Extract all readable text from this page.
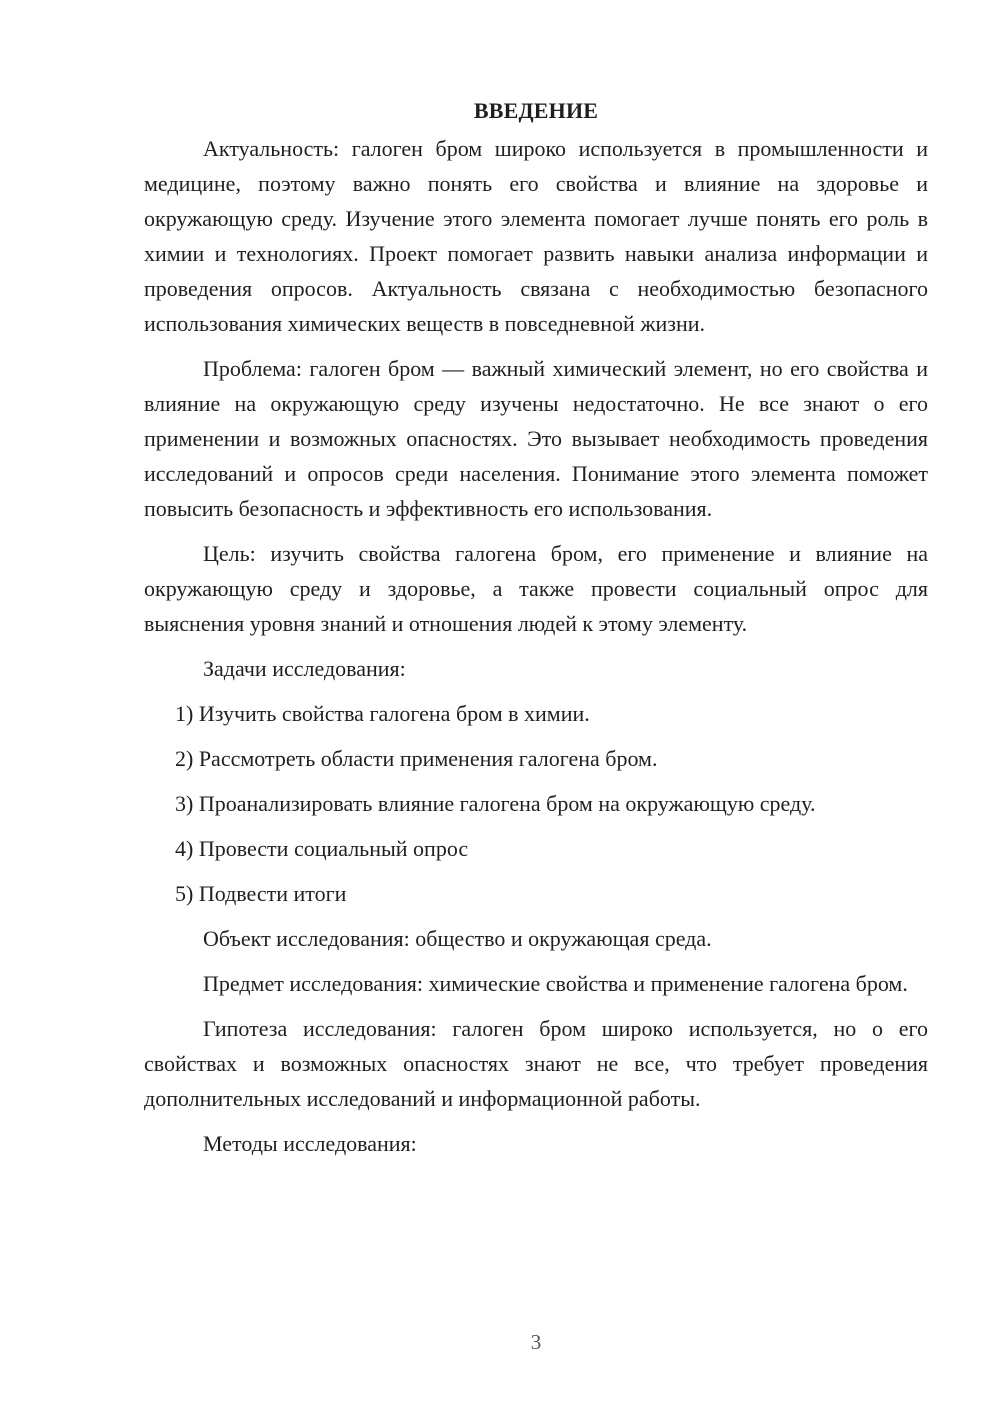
ВВЕДЕНИЕ

Актуальность: галоген бром широко используется в промышленности и медицине, поэтому важно понять его свойства и влияние на здоровье и окружающую среду. Изучение этого элемента помогает лучше понять его роль в химии и технологиях. Проект помогает развить навыки анализа информации и проведения опросов. Актуальность связана с необходимостью безопасного использования химических веществ в повседневной жизни.

Проблема: галоген бром — важный химический элемент, но его свойства и влияние на окружающую среду изучены недостаточно. Не все знают о его применении и возможных опасностях. Это вызывает необходимость проведения исследований и опросов среди населения. Понимание этого элемента поможет повысить безопасность и эффективность его использования.

Цель: изучить свойства галогена бром, его применение и влияние на окружающую среду и здоровье, а также провести социальный опрос для выяснения уровня знаний и отношения людей к этому элементу.

Задачи исследования:

1) Изучить свойства галогена бром в химии.
2) Рассмотреть области применения галогена бром.
3) Проанализировать влияние галогена бром на окружающую среду.
4) Провести социальный опрос
5) Подвести итоги

Объект исследования: общество и окружающая среда.

Предмет исследования: химические свойства и применение галогена бром.

Гипотеза исследования: галоген бром широко используется, но о его свойствах и возможных опасностях знают не все, что требует проведения дополнительных исследований и информационной работы.

Методы исследования:

3
